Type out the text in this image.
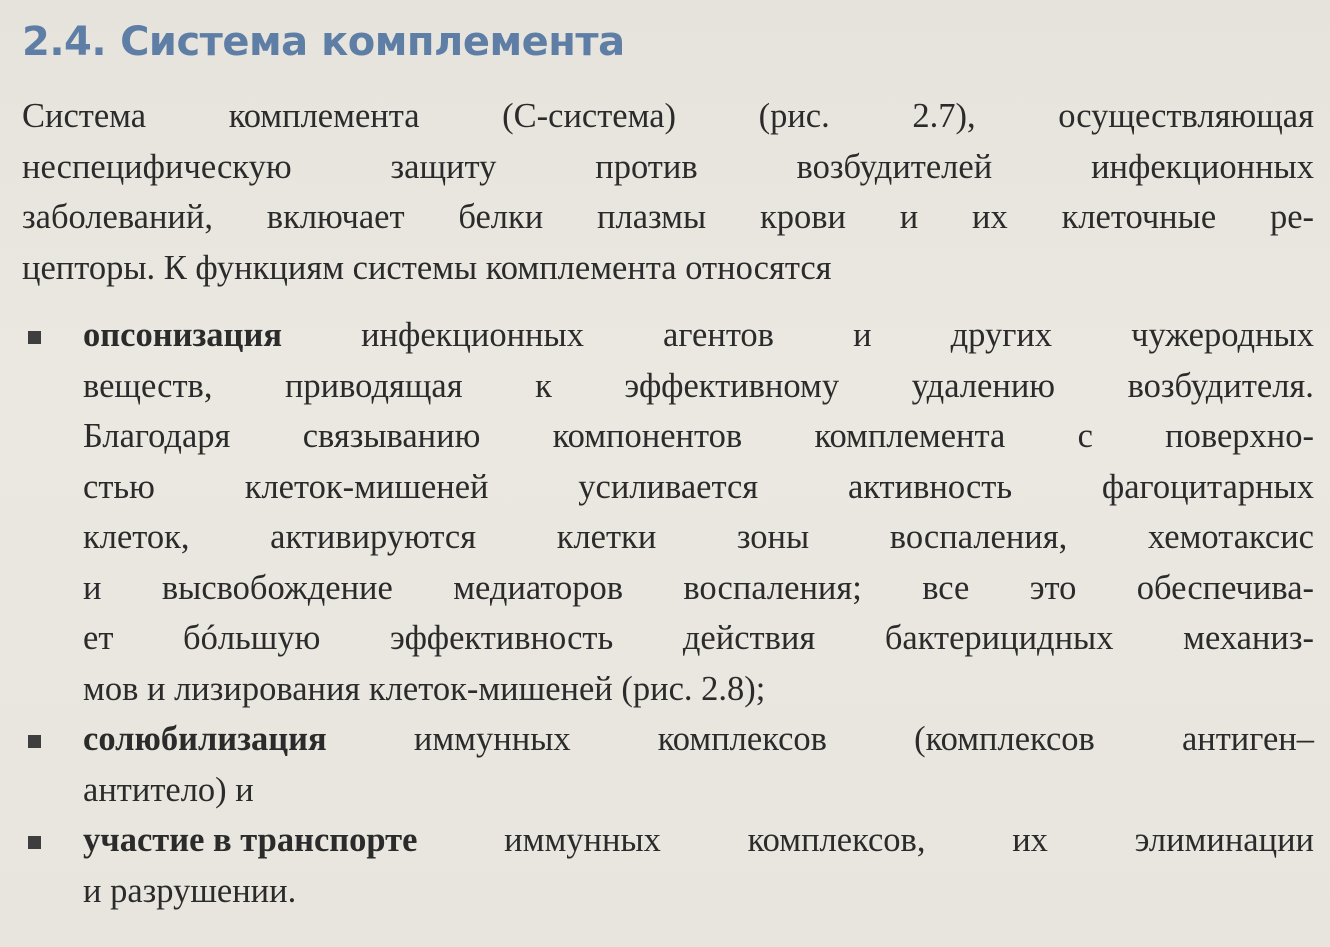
2.4. Система комплемента
Система комплемента (С-система) (рис. 2.7), осуществляющая
неспецифическую	защиту	против	возбудителей	инфекционных
заболеваний, включает белки плазмы крови и их клеточные ре-
цепторы. К функциям системы комплемента относятся
опсонизация инфекционных агентов и других чужеродных
веществ, приводящая к эффективному удалению возбудителя.
Благодаря связыванию компонентов комплемента с поверхно-
стью	клеток-мишеней	усиливается	активность	фагоцитарных
клеток, активируются клетки зоны воспаления, хемотаксис
и высвобождение медиаторов воспаления; все это обеспечива-
ет бóльшую эффективность действия бактерицидных механиз-
мов и лизирования клеток-мишеней (рис. 2.8);
солюбилизация	иммунных	комплексов	(комплексов	антиген–
антитело) и
участие в транспорте	иммунных	комплексов,	их	элиминации
и разрушении.
